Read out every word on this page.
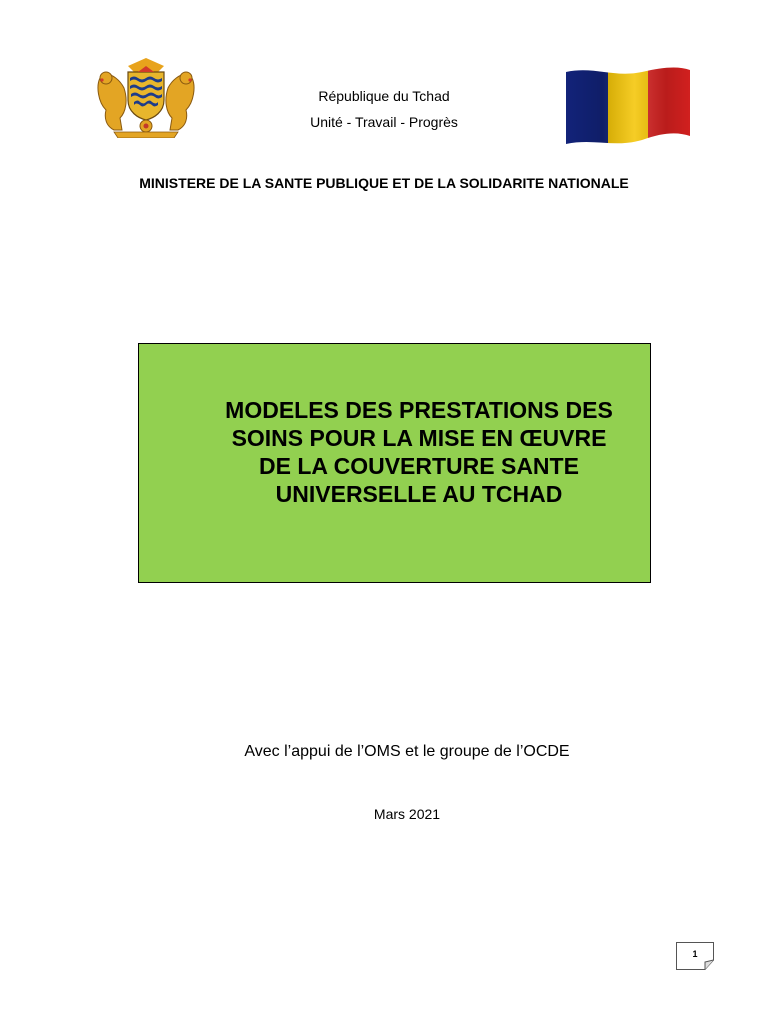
République du Tchad
Unité - Travail - Progrès
MINISTERE DE LA SANTE PUBLIQUE ET DE LA SOLIDARITE NATIONALE
MODELES DES PRESTATIONS DES
SOINS POUR LA MISE EN ŒUVRE
DE LA COUVERTURE SANTE
UNIVERSELLE AU TCHAD
Avec l’appui de l’OMS et le groupe de l’OCDE
Mars 2021
1
